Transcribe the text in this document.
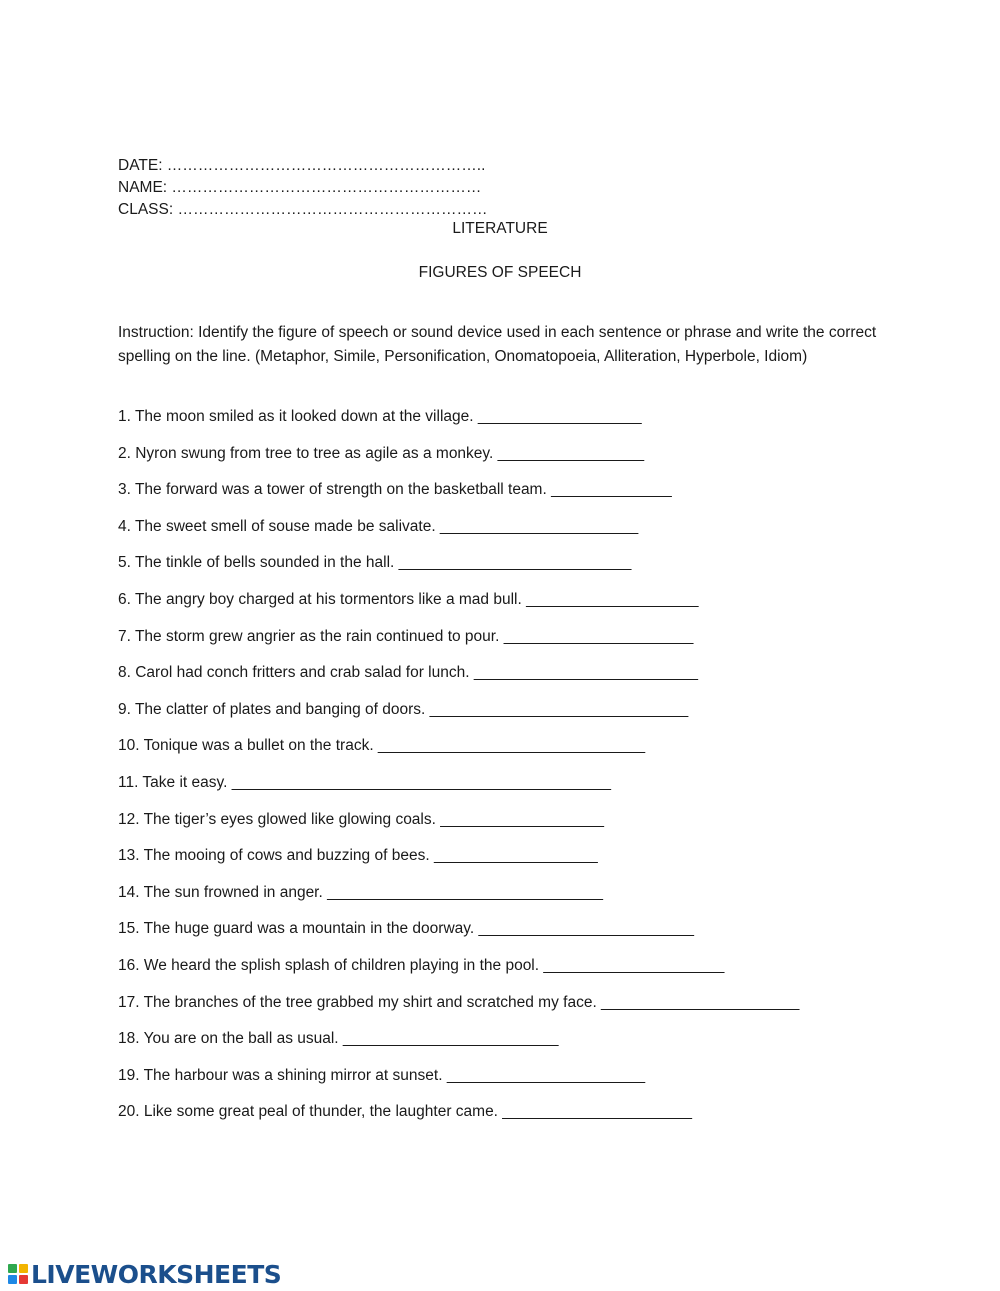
DATE: ……………………………………………………..
NAME: ……………………………………………………
CLASS: ……………………………………………………
LITERATURE
FIGURES OF SPEECH
Instruction: Identify the figure of speech or sound device used in each sentence or phrase and write the correct spelling on the line. (Metaphor, Simile, Personification, Onomatopoeia, Alliteration, Hyperbole, Idiom)
1. The moon smiled as it looked down at the village. ___________________
2. Nyron swung from tree to tree as agile as a monkey. _________________
3. The forward was a tower of strength on the basketball team. ______________
4. The sweet smell of souse made be salivate. _______________________
5. The tinkle of bells sounded in the hall. ___________________________
6. The angry boy charged at his tormentors like a mad bull. ____________________
7. The storm grew angrier as the rain continued to pour. ______________________
8. Carol had conch fritters and crab salad for lunch. __________________________
9. The clatter of plates and banging of doors. ______________________________
10. Tonique was a bullet on the track. _______________________________
11. Take it easy. ____________________________________________
12. The tiger’s eyes glowed like glowing coals. ___________________
13. The mooing of cows and buzzing of bees. ___________________
14. The sun frowned in anger. ________________________________
15. The huge guard was a mountain in the doorway. _________________________
16. We heard the splish splash of children playing in the pool. _____________________
17. The branches of the tree grabbed my shirt and scratched my face. _______________________
18. You are on the ball as usual. _________________________
19. The harbour was a shining mirror at sunset. _______________________
20. Like some great peal of thunder, the laughter came. ______________________
LIVEWORKSHEETS
